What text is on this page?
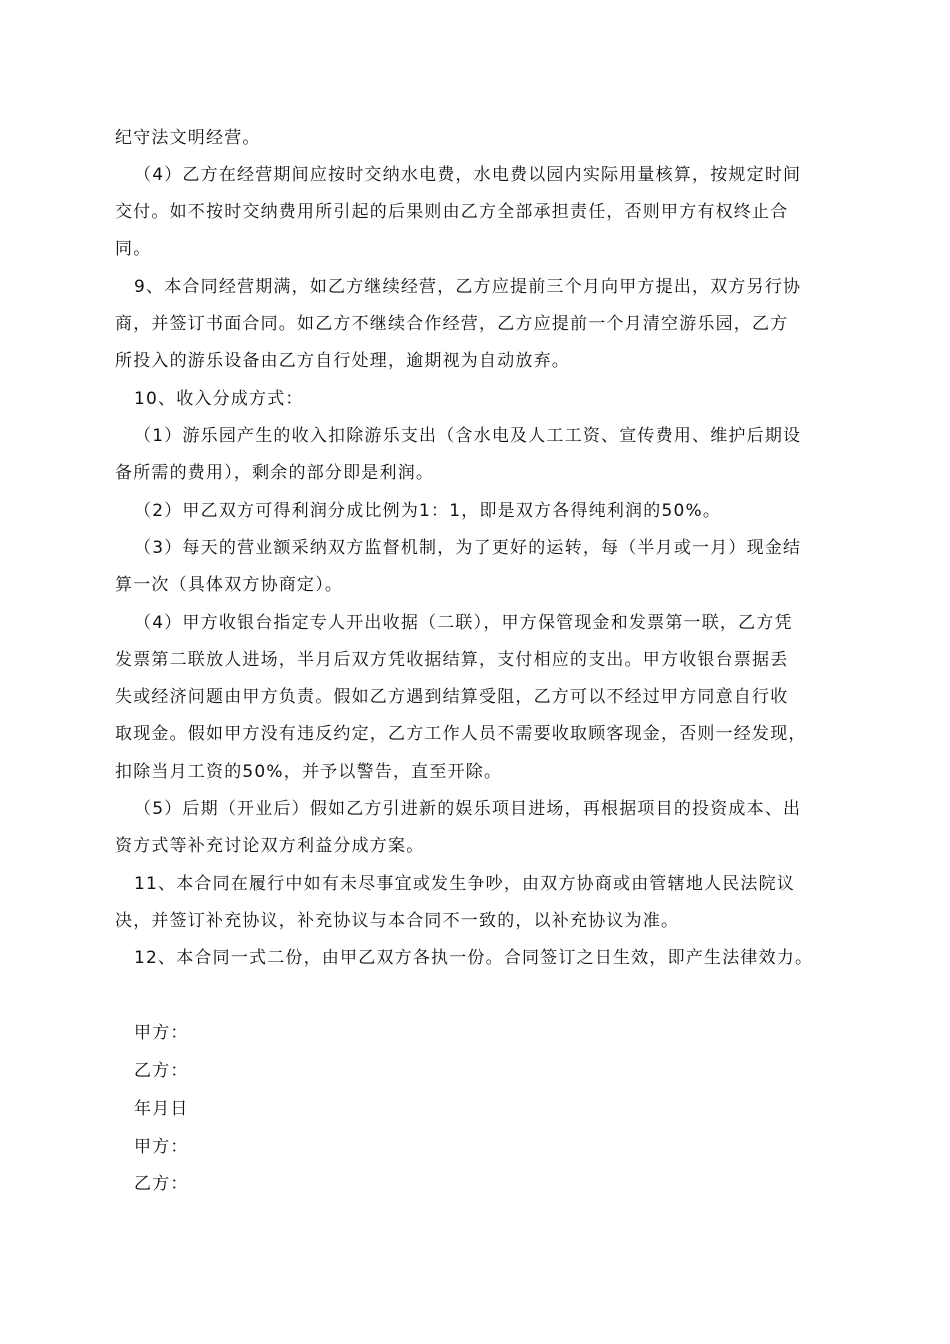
纪守法文明经营。
（4）乙方在经营期间应按时交纳水电费，水电费以园内实际用量核算，按规定时间
交付。如不按时交纳费用所引起的后果则由乙方全部承担责任，否则甲方有权终止合
同。
9、本合同经营期满，如乙方继续经营，乙方应提前三个月向甲方提出，双方另行协
商，并签订书面合同。如乙方不继续合作经营，乙方应提前一个月清空游乐园，乙方
所投入的游乐设备由乙方自行处理，逾期视为自动放弃。
10、收入分成方式：
（1）游乐园产生的收入扣除游乐支出（含水电及人工工资、宣传费用、维护后期设
备所需的费用），剩余的部分即是利润。
（2）甲乙双方可得利润分成比例为1：1，即是双方各得纯利润的50%。
（3）每天的营业额采纳双方监督机制，为了更好的运转，每（半月或一月）现金结
算一次（具体双方协商定）。
（4）甲方收银台指定专人开出收据（二联），甲方保管现金和发票第一联，乙方凭
发票第二联放人进场，半月后双方凭收据结算，支付相应的支出。甲方收银台票据丢
失或经济问题由甲方负责。假如乙方遇到结算受阻，乙方可以不经过甲方同意自行收
取现金。假如甲方没有违反约定，乙方工作人员不需要收取顾客现金，否则一经发现，
扣除当月工资的50%，并予以警告，直至开除。
（5）后期（开业后）假如乙方引进新的娱乐项目进场，再根据项目的投资成本、出
资方式等补充讨论双方利益分成方案。
11、本合同在履行中如有未尽事宜或发生争吵，由双方协商或由管辖地人民法院议
决，并签订补充协议，补充协议与本合同不一致的，以补充协议为准。
12、本合同一式二份，由甲乙双方各执一份。合同签订之日生效，即产生法律效力。
甲方：
乙方：
年月日
甲方：
乙方：
